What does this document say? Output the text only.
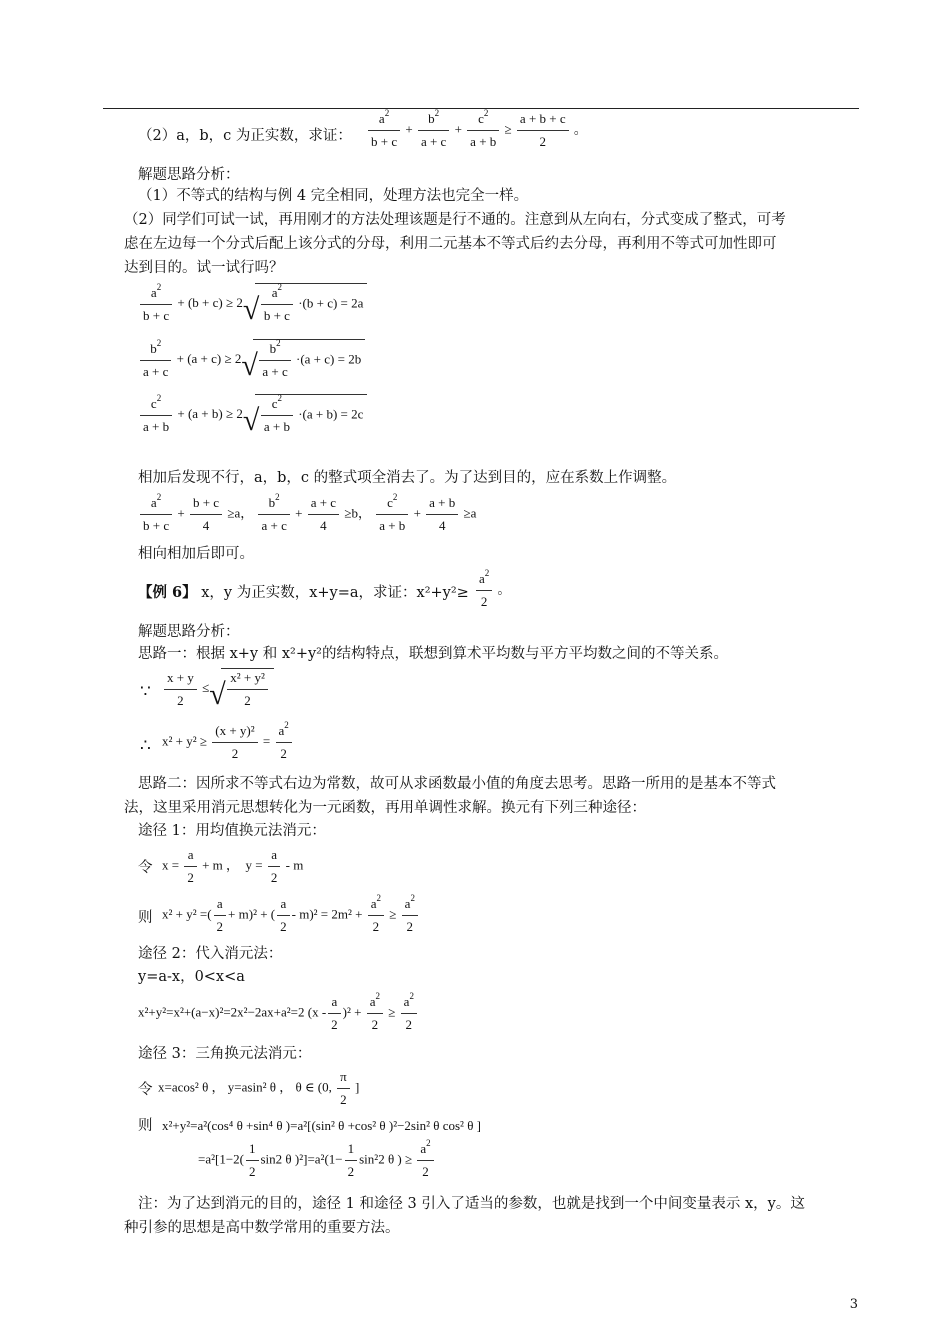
（2）a，b，c 为正实数，求证： $\frac{a^2}{b + c} + \frac{b^2}{a + c} + \frac{c^2}{a + b} \ge \frac{a + b + c}{2}$ 。
解题思路分析：
（1）不等式的结构与例 4 完全相同，处理方法也完全一样。
（2）同学们可试一试，再用刚才的方法处理该题是行不通的。注意到从左向右，分式变成了整式，可考
虑在左边每一个分式后配上该分式的分母，利用二元基本不等式后约去分母，再利用不等式可加性即可
达到目的。试一试行吗？
$\frac{a^2}{b + c} + (b + c) \ge 2$ √ $\frac{a^2}{b + c} \cdot(b + c) = 2a$
$\frac{b^2}{a + c} + (a + c) \ge 2$ √ $\frac{b^2}{a + c} \cdot(a + c) = 2b$
$\frac{c^2}{a + b} + (a + b) \ge 2$ √ $\frac{c^2}{a + b} \cdot(a + b) = 2c$
相加后发现不行，a，b，c 的整式项全消去了。为了达到目的，应在系数上作调整。
$\frac{a^2}{b + c} + \frac{b + c}{4} \ge a$， $\frac{b^2}{a + c} + \frac{a + c}{4} \ge b$， $\frac{c^2}{a + b} + \frac{a + b}{4} \ge a$
相向相加后即可。
【例 6】 x，y 为正实数，x+y=a，求证：$x^2+y^2\ge \frac{a^2}{2}$ 。
解题思路分析：
思路一：根据 x+y 和 x²+y²的结构特点，联想到算术平均数与平方平均数之间的不等关系。
∵ $\frac{x + y}{2}$ ≤ √ $\frac{\text{x² + y²}}{2}$
∴ $x^2 + y^2 \ge \frac{\text{(x + y)²}}{2} = \frac{a^2}{2}$
思路二：因所求不等式右边为常数，故可从求函数最小值的角度去思考。思路一所用的是基本不等式
法，这里采用消元思想转化为一元函数，再用单调性求解。换元有下列三种途径：
途径 1：用均值换元法消元：
令 $x = \frac{a}{2} + m$ ， $y = \frac{a}{2} - m$
则 x² + y² =( $\frac{a}{2} + m)^2$ + ( $\frac{a}{2} - m)^2 = 2m^2 + \frac{a^2}{2} \ge \frac{a^2}{2}$
途径 2：代入消元法：
y=a-x，0<x<a
x²+y²=x²+(a−x)²=2x²−2ax+a²=2 $(x - \frac{a}{2} )^2 + \frac{a^2}{2} \ge \frac{a^2}{2}$
途径 3：三角换元法消元：
令 x=acos² θ ， y=asin² θ ， θ ∈ (0, $\frac{\pi}{2}$ ]
则 x²+y²=a²(cos⁴ θ +sin⁴ θ )=a²[(sin² θ +cos² θ )²−2sin² θ cos² θ ]
$=a^2[1-2( \frac{1}{2} \sin 2$ θ )$^2]=a^2(1- \frac{1}{2} \sin^22$ θ ) ≥ $\frac{a^2}{2}$
注：为了达到消元的目的，途径 1 和途径 3 引入了适当的参数，也就是找到一个中间变量表示 x，y。这
种引参的思想是高中数学常用的重要方法。
3
